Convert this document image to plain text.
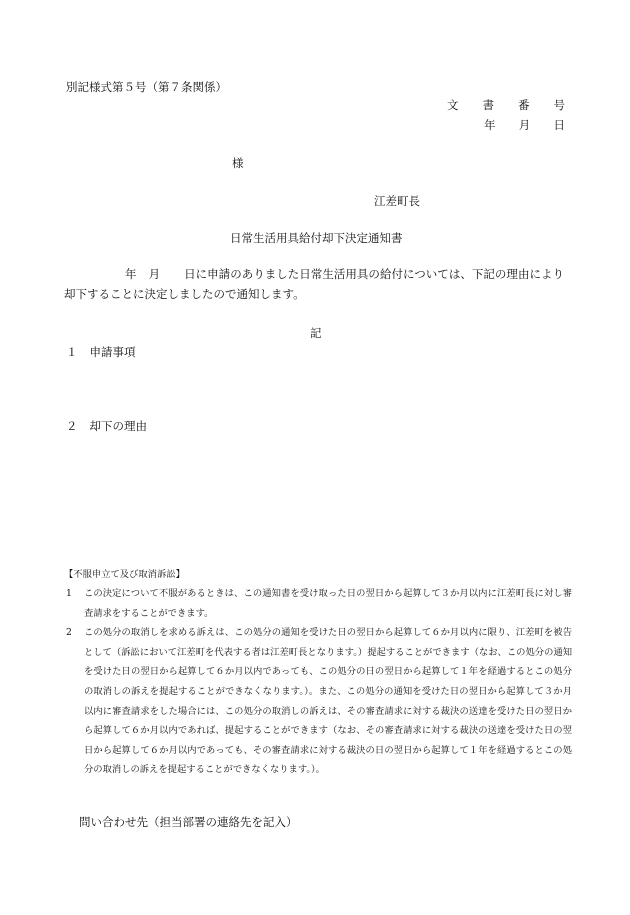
別記様式第５号（第７条関係）
文 書 番 号
年 月 日
様
江差町長
日常生活用具給付却下決定通知書
年 月 日に申請のありました日常生活用具の給付については、下記の理由により却下することに決定しましたので通知します。
記
１ 申請事項
２ 却下の理由
【不服申立て及び取消訴訟】
1 この決定について不服があるときは、この通知書を受け取った日の翌日から起算して３か月以内に江差町長に対し審査請求をすることができます。
2 この処分の取消しを求める訴えは、この処分の通知を受けた日の翌日から起算して６か月以内に限り、江差町を被告として（訴訟において江差町を代表する者は江差町長となります。）提起することができます（なお、この処分の通知を受けた日の翌日から起算して６か月以内であっても、この処分の日の翌日から起算して１年を経過するとこの処分の取消しの訴えを提起することができなくなります。）。また、この処分の通知を受けた日の翌日から起算して３か月以内に審査請求をした場合には、この処分の取消しの訴えは、その審査請求に対する裁決の送達を受けた日の翌日から起算して６か月以内であれば、提起することができます（なお、その審査請求に対する裁決の送達を受けた日の翌日から起算して６か月以内であっても、その審査請求に対する裁決の日の翌日から起算して１年を経過するとこの処分の取消しの訴えを提起することができなくなります。）。
問い合わせ先（担当部署の連絡先を記入）
